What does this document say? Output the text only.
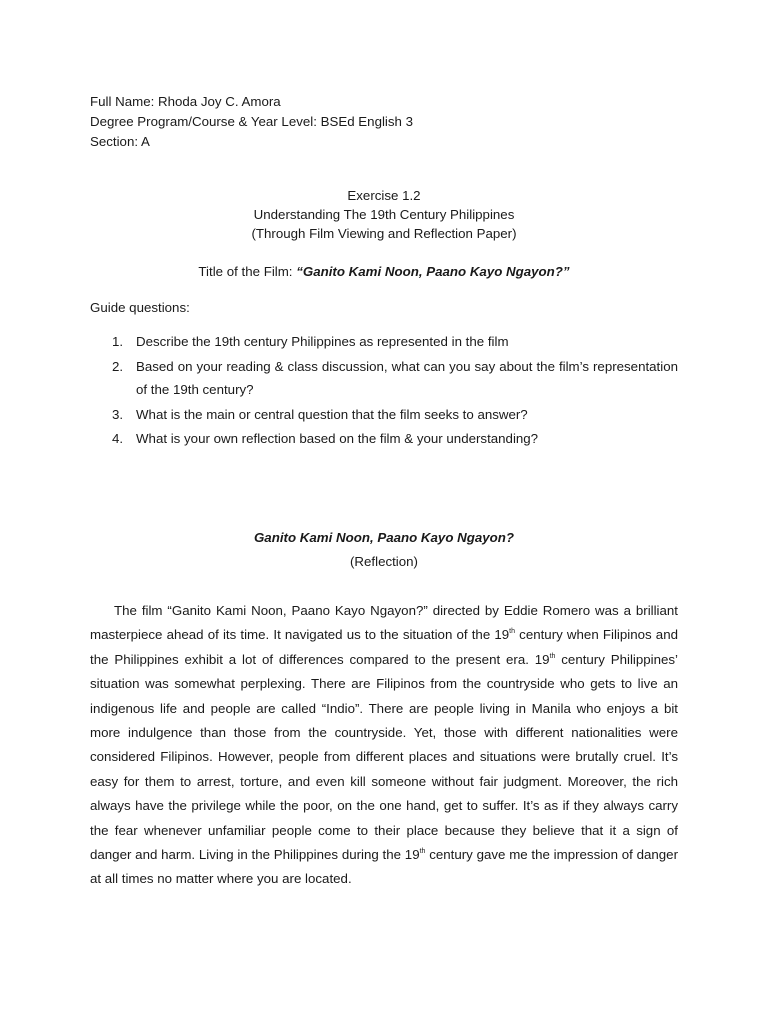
Full Name: Rhoda Joy C. Amora
Degree Program/Course & Year Level: BSEd English 3
Section: A
Exercise 1.2
Understanding The 19th Century Philippines
(Through Film Viewing and Reflection Paper)
Title of the Film: “Ganito Kami Noon, Paano Kayo Ngayon?”
Guide questions:
1. Describe the 19th century Philippines as represented in the film
2. Based on your reading & class discussion, what can you say about the film’s representation of the 19th century?
3. What is the main or central question that the film seeks to answer?
4. What is your own reflection based on the film & your understanding?
Ganito Kami Noon, Paano Kayo Ngayon?
(Reflection)

The film “Ganito Kami Noon, Paano Kayo Ngayon?” directed by Eddie Romero was a brilliant masterpiece ahead of its time. It navigated us to the situation of the 19th century when Filipinos and the Philippines exhibit a lot of differences compared to the present era. 19th century Philippines’ situation was somewhat perplexing. There are Filipinos from the countryside who gets to live an indigenous life and people are called “Indio”. There are people living in Manila who enjoys a bit more indulgence than those from the countryside. Yet, those with different nationalities were considered Filipinos. However, people from different places and situations were brutally cruel. It’s easy for them to arrest, torture, and even kill someone without fair judgment. Moreover, the rich always have the privilege while the poor, on the one hand, get to suffer. It’s as if they always carry the fear whenever unfamiliar people come to their place because they believe that it a sign of danger and harm. Living in the Philippines during the 19th century gave me the impression of danger at all times no matter where you are located.
